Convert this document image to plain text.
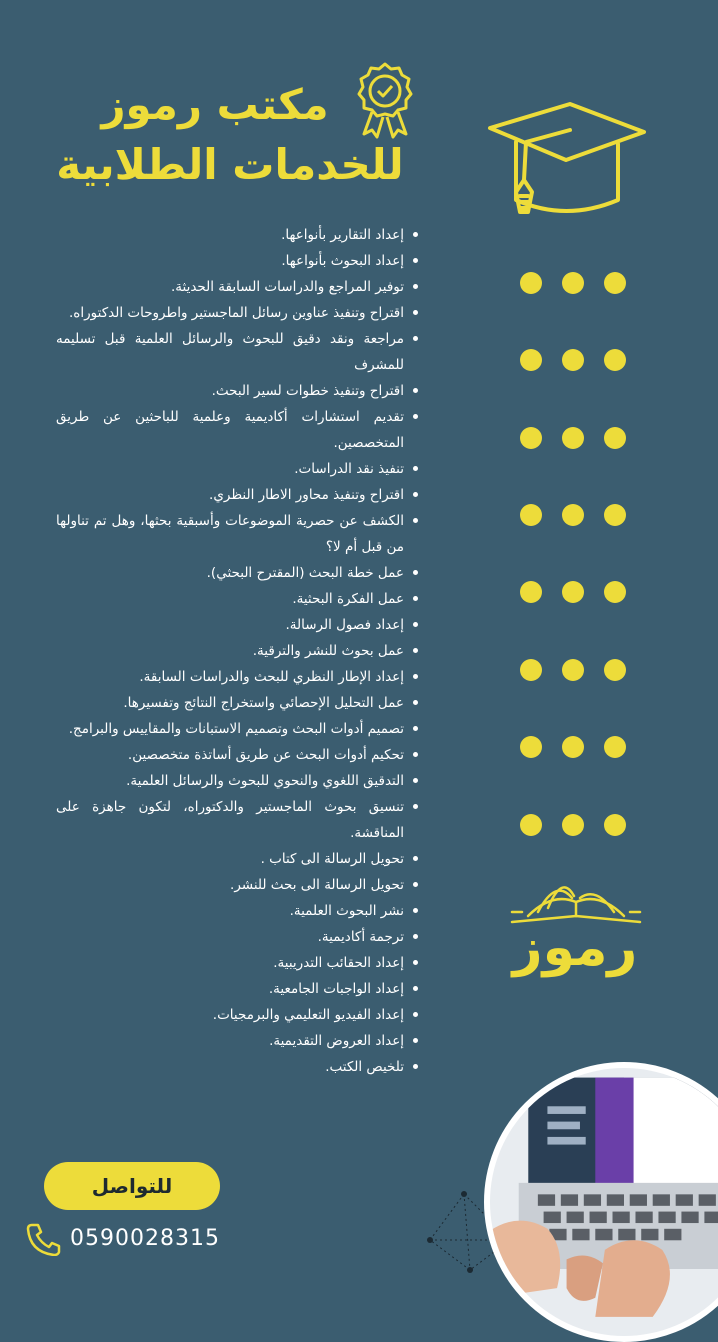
مكتب رموز
للخدمات الطلابية
إعداد التقارير بأنواعها.
إعداد البحوث بأنواعها.
توفير المراجع والدراسات السابقة الحديثة.
اقتراح وتنفيذ عناوين رسائل الماجستير واطروحات الدكتوراه.
مراجعة ونقد دقيق للبحوث والرسائل العلمية قبل تسليمه للمشرف
اقتراح وتنفيذ خطوات لسير البحث.
تقديم استشارات أكاديمية وعلمية للباحثين عن طريق المتخصصين.
تنفيذ نقد الدراسات.
اقتراح وتنفيذ محاور الاطار النظري.
الكشف عن حصرية الموضوعات وأسبقية بحثها، وهل تم تناولها من قبل أم لا؟
عمل خطة البحث (المقترح البحثي).
عمل الفكرة البحثية.
إعداد فصول الرسالة.
عمل بحوث للنشر والترقية.
إعداد الإطار النظري للبحث والدراسات السابقة.
عمل التحليل الإحصائي واستخراج النتائج وتفسيرها.
تصميم أدوات البحث وتصميم الاستبانات والمقاييس والبرامج.
تحكيم أدوات البحث عن طريق أساتذة متخصصين.
التدقيق اللغوي والنحوي للبحوث والرسائل العلمية.
تنسيق بحوث الماجستير والدكتوراه، لتكون جاهزة على المناقشة.
تحويل الرسالة الى كتاب .
تحويل الرسالة الى بحث للنشر.
نشر البحوث العلمية.
ترجمة أكاديمية.
إعداد الحقائب التدريبية.
إعداد الواجبات الجامعية.
إعداد الفيديو التعليمي والبرمجيات.
إعداد العروض التقديمية.
تلخيص الكتب.
رموز
للتواصل
0590028315
